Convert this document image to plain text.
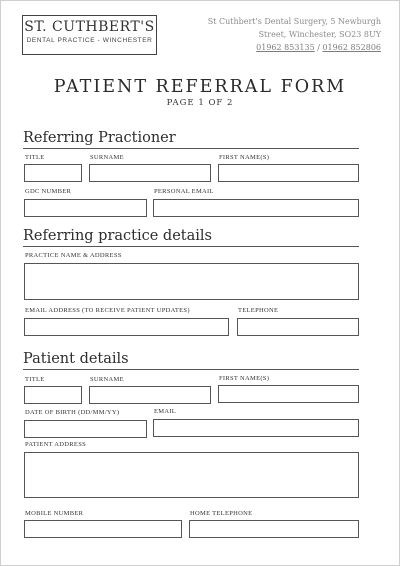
ST. CUTHBERT'S
DENTAL PRACTICE - WINCHESTER
St Cuthbert's Dental Surgery, 5 Newburgh
Street, Winchester, SO23 8UY
01962 853135 / 01962 852806
PATIENT REFERRAL FORM
PAGE 1 OF 2
Referring Practioner
TITLE	SURNAME	FIRST NAME(S)
GDC NUMBER	PERSONAL EMAIL
Referring practice details
PRACTICE NAME & ADDRESS
EMAIL ADDRESS (TO RECEIVE PATIENT UPDATES)	TELEPHONE
Patient details
TITLE	SURNAME	FIRST NAME(S)
DATE OF BIRTH (DD/MM/YY)	EMAIL
PATIENT ADDRESS
MOBILE NUMBER	HOME TELEPHONE
